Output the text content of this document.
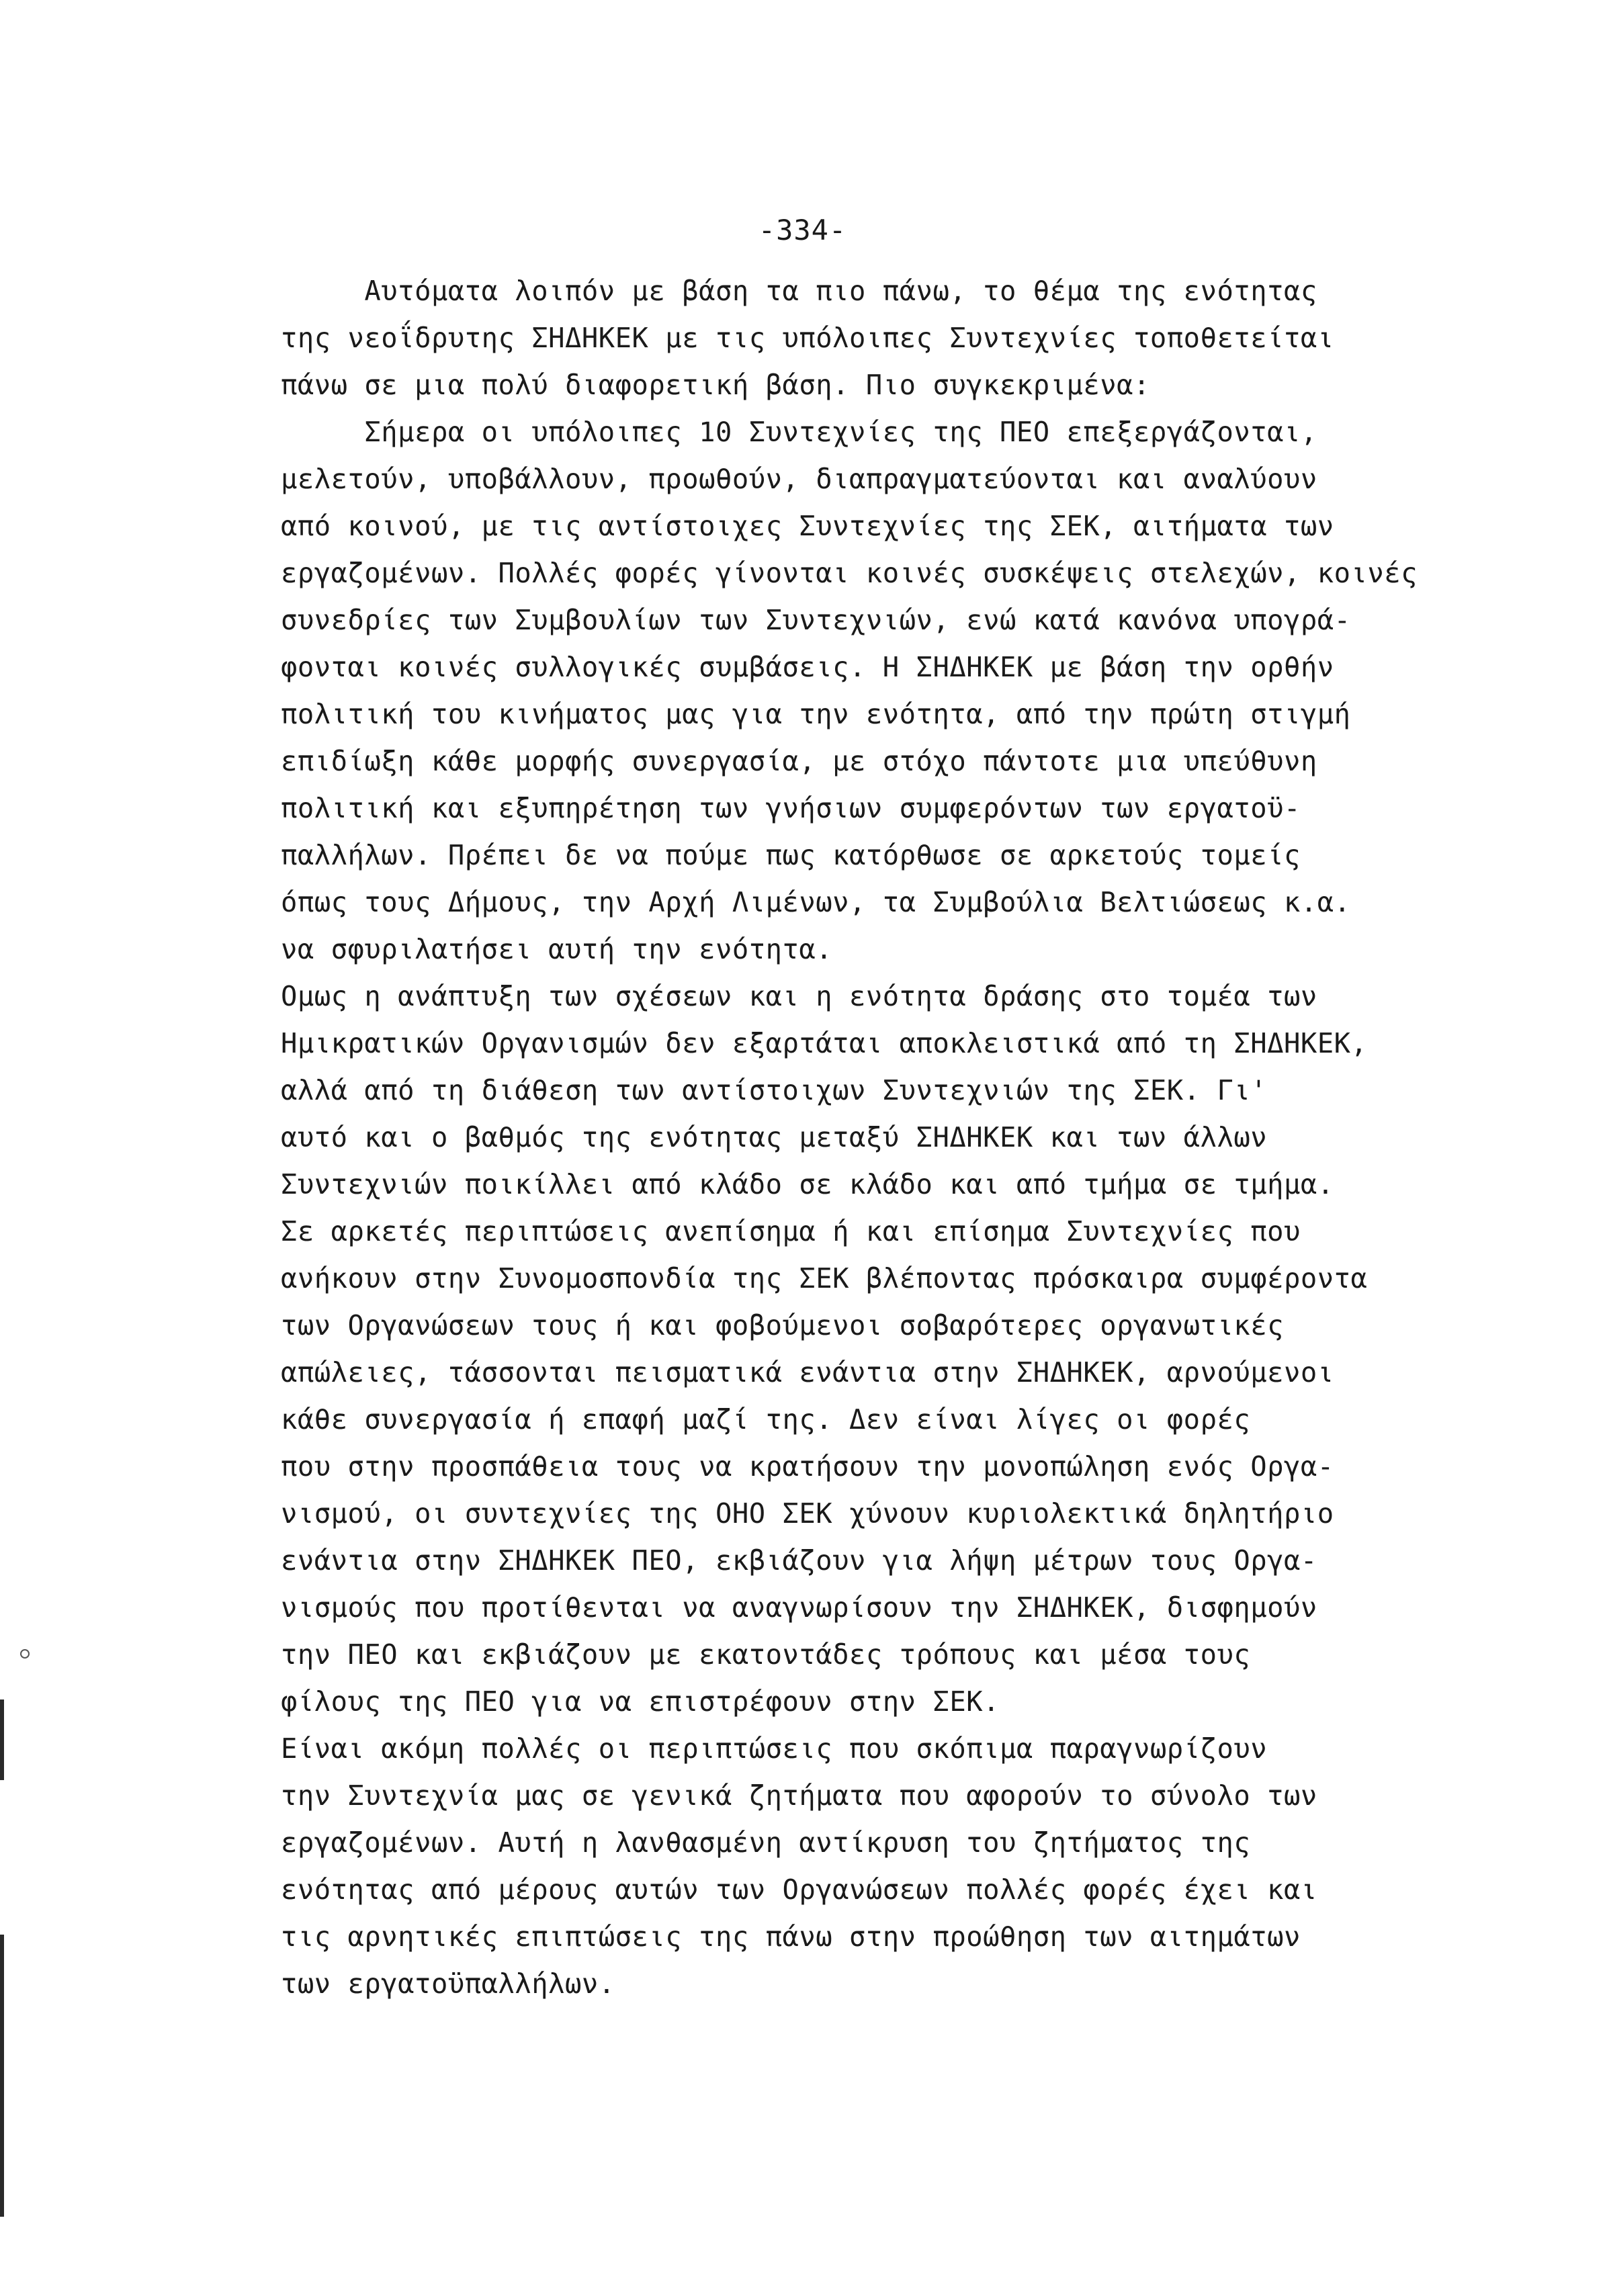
-334-
Αυτόματα λοιπόν με βάση τα πιο πάνω, το θέμα της ενότητας
της νεοΐδρυτης ΣΗΔΗΚΕΚ με τις υπόλοιπες Συντεχνίες τοποθετείται
πάνω σε μια πολύ διαφορετική βάση. Πιο συγκεκριμένα:
Σήμερα οι υπόλοιπες 10 Συντεχνίες της ΠΕΟ επεξεργάζονται,
μελετούν, υποβάλλουν, προωθούν, διαπραγματεύονται και αναλύουν
από κοινού, με τις αντίστοιχες Συντεχνίες της ΣΕΚ, αιτήματα των
εργαζομένων. Πολλές φορές γίνονται κοινές συσκέψεις στελεχών, κοινές
συνεδρίες των Συμβουλίων των Συντεχνιών, ενώ κατά κανόνα υπογρά-
φονται κοινές συλλογικές συμβάσεις. Η ΣΗΔΗΚΕΚ με βάση την ορθήν
πολιτική του κινήματος μας για την ενότητα, από την πρώτη στιγμή
επιδίωξη κάθε μορφής συνεργασία, με στόχο πάντοτε μια υπεύθυνη
πολιτική και εξυπηρέτηση των γνήσιων συμφερόντων των εργατοϋ-
παλλήλων. Πρέπει δε να πούμε πως κατόρθωσε σε αρκετούς τομείς
όπως τους Δήμους, την Αρχή Λιμένων, τα Συμβούλια Βελτιώσεως κ.α.
να σφυριλατήσει αυτή την ενότητα.
Ομως η ανάπτυξη των σχέσεων και η ενότητα δράσης στο τομέα των
Ημικρατικών Οργανισμών δεν εξαρτάται αποκλειστικά από τη ΣΗΔΗΚΕΚ,
αλλά από τη διάθεση των αντίστοιχων Συντεχνιών της ΣΕΚ. Γι'
αυτό και ο βαθμός της ενότητας μεταξύ ΣΗΔΗΚΕΚ και των άλλων
Συντεχνιών ποικίλλει από κλάδο σε κλάδο και από τμήμα σε τμήμα.
Σε αρκετές περιπτώσεις ανεπίσημα ή και επίσημα Συντεχνίες που
ανήκουν στην Συνομοσπονδία της ΣΕΚ βλέποντας πρόσκαιρα συμφέροντα
των Οργανώσεων τους ή και φοβούμενοι σοβαρότερες οργανωτικές
απώλειες, τάσσονται πεισματικά ενάντια στην ΣΗΔΗΚΕΚ, αρνούμενοι
κάθε συνεργασία ή επαφή μαζί της. Δεν είναι λίγες οι φορές
που στην προσπάθεια τους να κρατήσουν την μονοπώληση ενός Οργα-
νισμού, οι συντεχνίες της ΟΗΟ ΣΕΚ χύνουν κυριολεκτικά δηλητήριο
ενάντια στην ΣΗΔΗΚΕΚ ΠΕΟ, εκβιάζουν για λήψη μέτρων τους Οργα-
νισμούς που προτίθενται να αναγνωρίσουν την ΣΗΔΗΚΕΚ, δισφημούν
την ΠΕΟ και εκβιάζουν με εκατοντάδες τρόπους και μέσα τους
φίλους της ΠΕΟ για να επιστρέφουν στην ΣΕΚ.
Είναι ακόμη πολλές οι περιπτώσεις που σκόπιμα παραγνωρίζουν
την Συντεχνία μας σε γενικά ζητήματα που αφορούν το σύνολο των
εργαζομένων. Αυτή η λανθασμένη αντίκρυση του ζητήματος της
ενότητας από μέρους αυτών των Οργανώσεων πολλές φορές έχει και
τις αρνητικές επιπτώσεις της πάνω στην προώθηση των αιτημάτων
των εργατοϋπαλλήλων.
